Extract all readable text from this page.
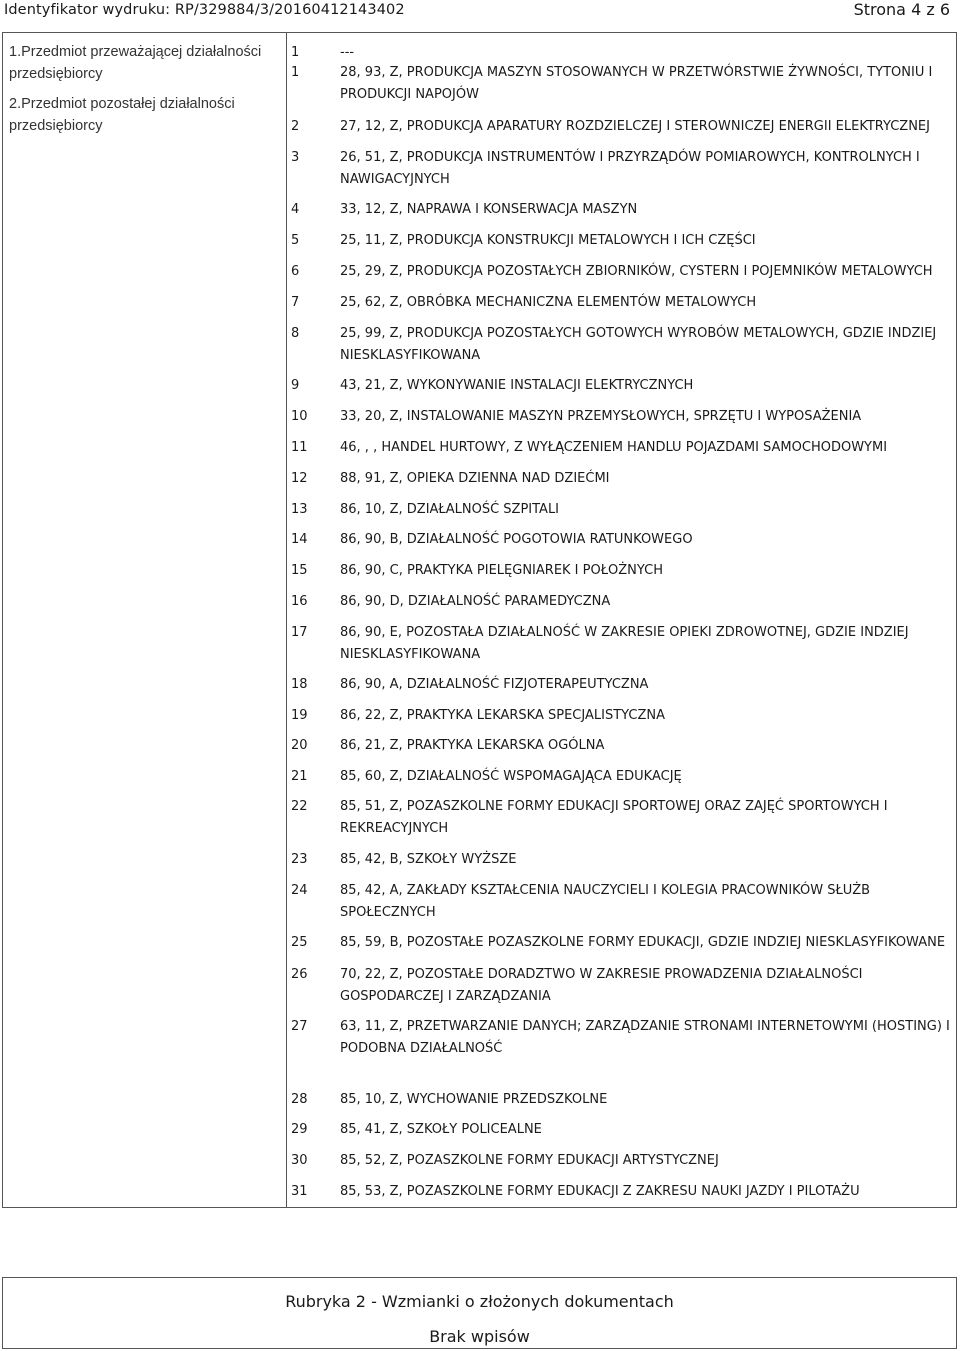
Identyfikator wydruku: RP/329884/3/20160412143402	Strona 4 z 6
1.Przedmiot przeważającej działalności przedsiębiorcy
1	---
2.Przedmiot pozostałej działalności przedsiębiorcy
1	28, 93, Z, PRODUKCJA MASZYN STOSOWANYCH W PRZETWÓRSTWIE ŻYWNOŚCI, TYTONIU I PRODUKCJI NAPOJÓW
2	27, 12, Z, PRODUKCJA APARATURY ROZDZIELCZEJ I STEROWNICZEJ ENERGII ELEKTRYCZNEJ
3	26, 51, Z, PRODUKCJA INSTRUMENTÓW I PRZYRZĄDÓW POMIAROWYCH, KONTROLNYCH I NAWIGACYJNYCH
4	33, 12, Z, NAPRAWA I KONSERWACJA MASZYN
5	25, 11, Z, PRODUKCJA KONSTRUKCJI METALOWYCH I ICH CZĘŚCI
6	25, 29, Z, PRODUKCJA POZOSTAŁYCH ZBIORNIKÓW, CYSTERN I POJEMNIKÓW METALOWYCH
7	25, 62, Z, OBRÓBKA MECHANICZNA ELEMENTÓW METALOWYCH
8	25, 99, Z, PRODUKCJA POZOSTAŁYCH GOTOWYCH WYROBÓW METALOWYCH, GDZIE INDZIEJ NIESKLASYFIKOWANA
9	43, 21, Z, WYKONYWANIE INSTALACJI ELEKTRYCZNYCH
10	33, 20, Z, INSTALOWANIE MASZYN PRZEMYSŁOWYCH, SPRZĘTU I WYPOSAŻENIA
11	46, , , HANDEL HURTOWY, Z WYŁĄCZENIEM HANDLU POJAZDAMI SAMOCHODOWYMI
12	88, 91, Z, OPIEKA DZIENNA NAD DZIEĆMI
13	86, 10, Z, DZIAŁALNOŚĆ SZPITALI
14	86, 90, B, DZIAŁALNOŚĆ POGOTOWIA RATUNKOWEGO
15	86, 90, C, PRAKTYKA PIELĘGNIAREK I POŁOŻNYCH
16	86, 90, D, DZIAŁALNOŚĆ PARAMEDYCZNA
17	86, 90, E, POZOSTAŁA DZIAŁALNOŚĆ W ZAKRESIE OPIEKI ZDROWOTNEJ, GDZIE INDZIEJ NIESKLASYFIKOWANA
18	86, 90, A, DZIAŁALNOŚĆ FIZJOTERAPEUTYCZNA
19	86, 22, Z, PRAKTYKA LEKARSKA SPECJALISTYCZNA
20	86, 21, Z, PRAKTYKA LEKARSKA OGÓLNA
21	85, 60, Z, DZIAŁALNOŚĆ WSPOMAGAJĄCA EDUKACJĘ
22	85, 51, Z, POZASZKOLNE FORMY EDUKACJI SPORTOWEJ ORAZ ZAJĘĆ SPORTOWYCH I REKREACYJNYCH
23	85, 42, B, SZKOŁY WYŻSZE
24	85, 42, A, ZAKŁADY KSZTAŁCENIA NAUCZYCIELI I KOLEGIA PRACOWNIKÓW SŁUŻB SPOŁECZNYCH
25	85, 59, B, POZOSTAŁE POZASZKOLNE FORMY EDUKACJI, GDZIE INDZIEJ NIESKLASYFIKOWANE
26	70, 22, Z, POZOSTAŁE DORADZTWO W ZAKRESIE PROWADZENIA DZIAŁALNOŚCI GOSPODARCZEJ I ZARZĄDZANIA
27	63, 11, Z, PRZETWARZANIE DANYCH; ZARZĄDZANIE STRONAMI INTERNETOWYMI (HOSTING) I PODOBNA DZIAŁALNOŚĆ
28	85, 10, Z, WYCHOWANIE PRZEDSZKOLNE
29	85, 41, Z, SZKOŁY POLICEALNE
30	85, 52, Z, POZASZKOLNE FORMY EDUKACJI ARTYSTYCZNEJ
31	85, 53, Z, POZASZKOLNE FORMY EDUKACJI Z ZAKRESU NAUKI JAZDY I PILOTAŻU
Rubryka 2 - Wzmianki o złożonych dokumentach
Brak wpisów
